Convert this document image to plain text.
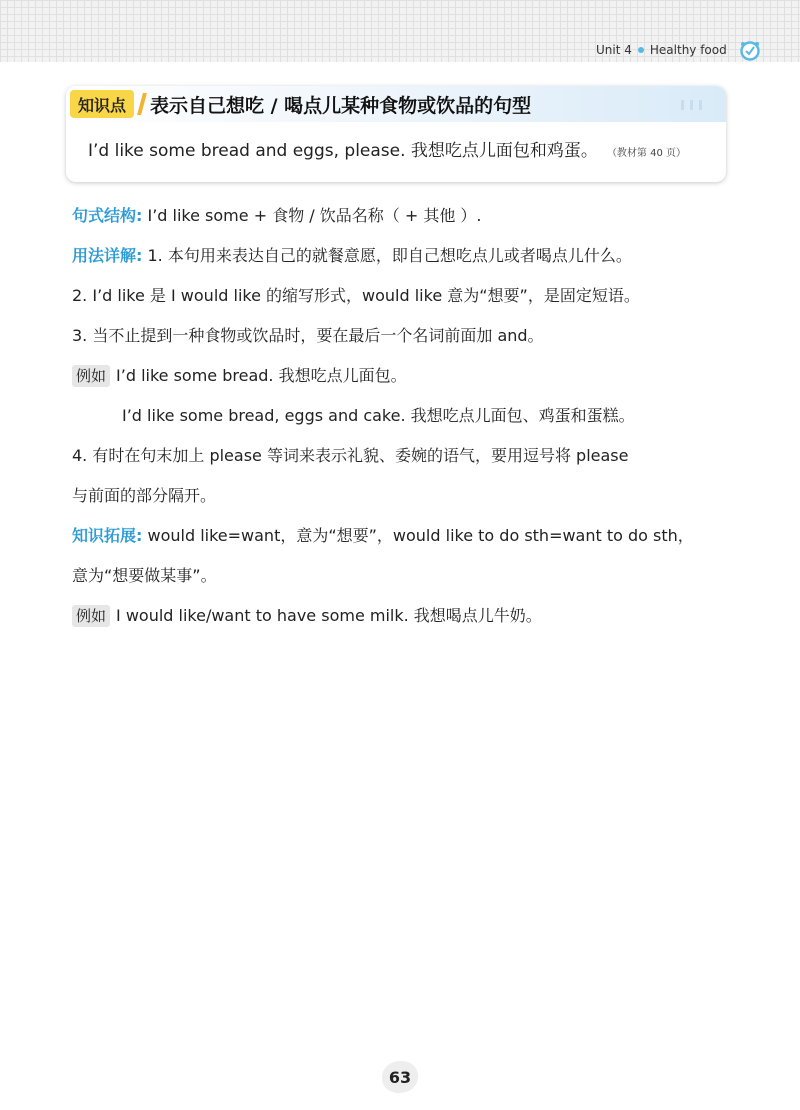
Unit 4 Healthy food
知识点	表示自己想吃 / 喝点儿某种食物或饮品的句型
I’d like some bread and eggs, please. 我想吃点儿面包和鸡蛋。 （教材第 40 页）
句式结构: I’d like some + 食物 / 饮品名称（ + 其他 ）.
用法详解: 1. 本句用来表达自己的就餐意愿，即自己想吃点儿或者喝点儿什么。
2. I’d like 是 I would like 的缩写形式，would like 意为“想要”，是固定短语。
3. 当不止提到一种食物或饮品时，要在最后一个名词前面加 and。
例如 I’d like some bread. 我想吃点儿面包。
I’d like some bread, eggs and cake. 我想吃点儿面包、鸡蛋和蛋糕。
4. 有时在句末加上 please 等词来表示礼貌、委婉的语气，要用逗号将 please
与前面的部分隔开。
知识拓展: would like=want，意为“想要”，would like to do sth=want to do sth，
意为“想要做某事”。
例如 I would like/want to have some milk. 我想喝点儿牛奶。
63
